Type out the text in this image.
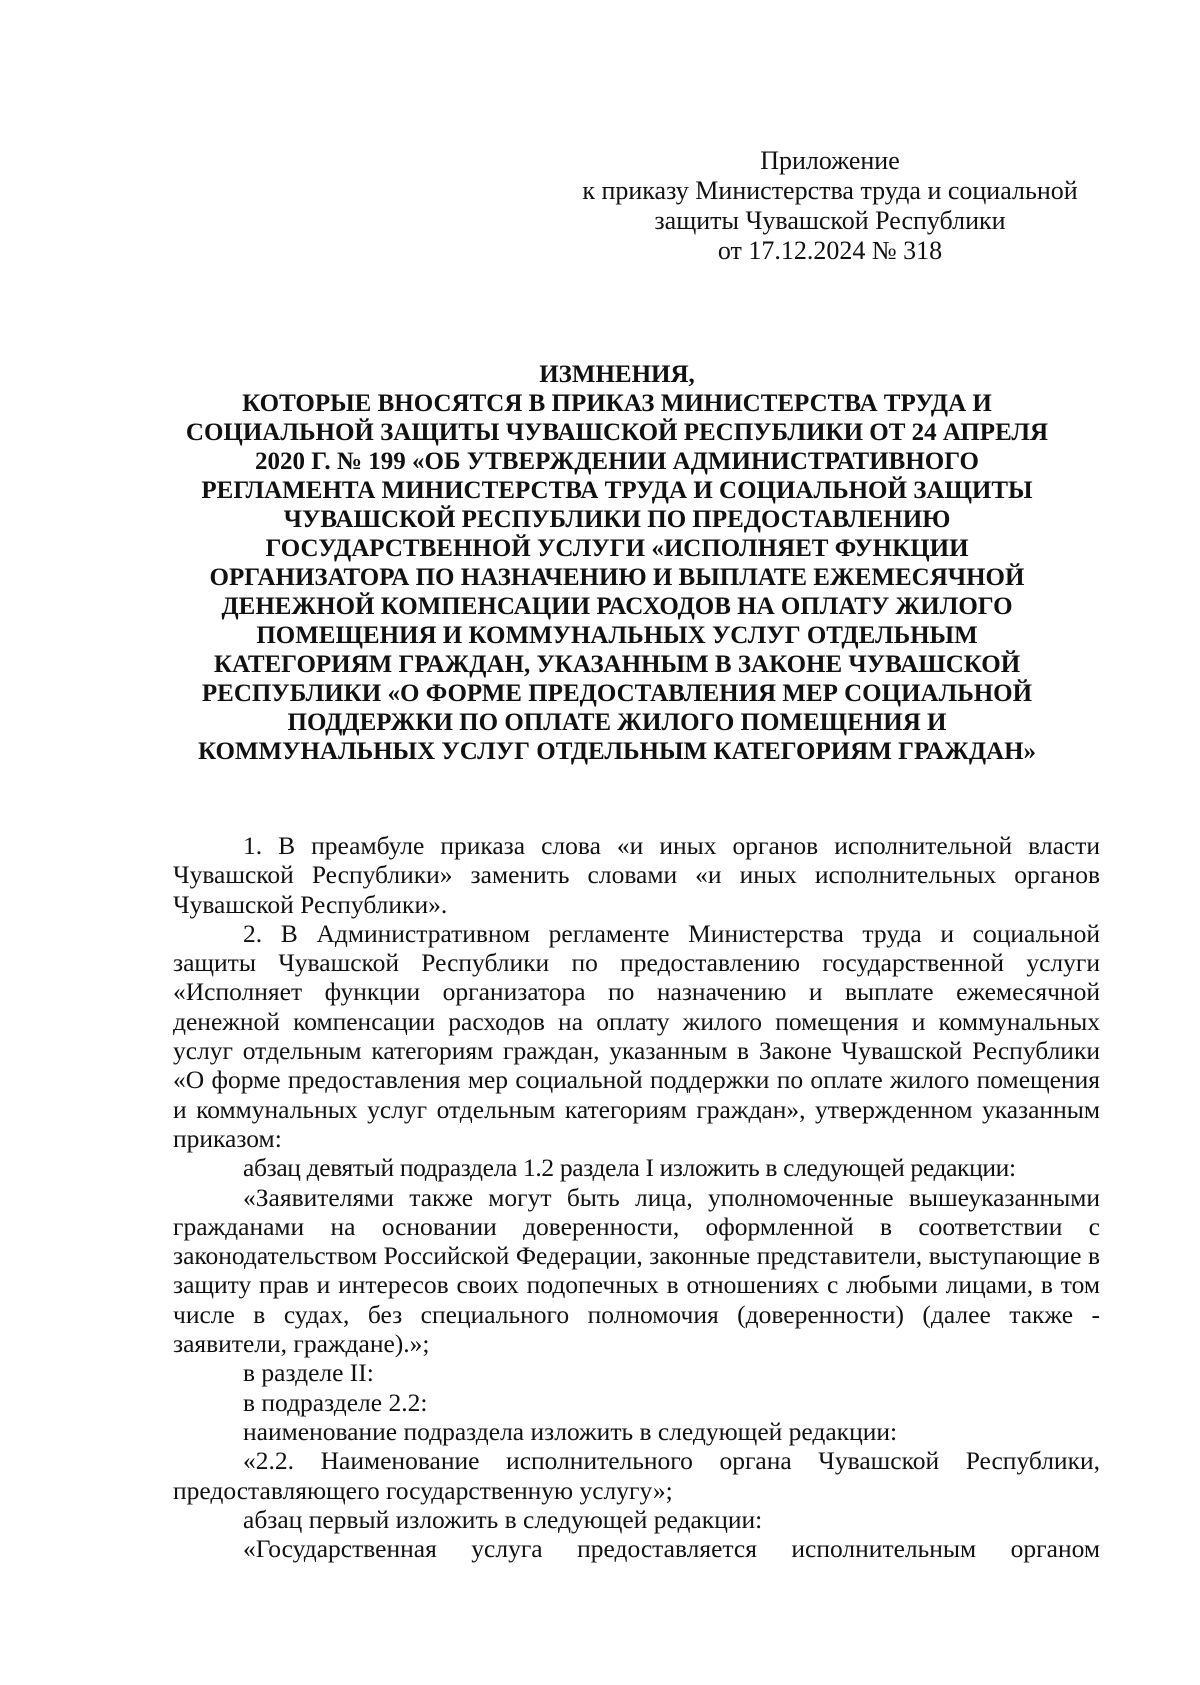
Приложение
к приказу Министерства труда и социальной
защиты Чувашской Республики
от 17.12.2024 № 318
ИЗМНЕНИЯ,
КОТОРЫЕ ВНОСЯТСЯ В ПРИКАЗ МИНИСТЕРСТВА ТРУДА И
СОЦИАЛЬНОЙ ЗАЩИТЫ ЧУВАШСКОЙ РЕСПУБЛИКИ ОТ 24 АПРЕЛЯ
2020 Г. № 199 «ОБ УТВЕРЖДЕНИИ АДМИНИСТРАТИВНОГО
РЕГЛАМЕНТА МИНИСТЕРСТВА ТРУДА И СОЦИАЛЬНОЙ ЗАЩИТЫ
ЧУВАШСКОЙ РЕСПУБЛИКИ ПО ПРЕДОСТАВЛЕНИЮ
ГОСУДАРСТВЕННОЙ УСЛУГИ «ИСПОЛНЯЕТ ФУНКЦИИ
ОРГАНИЗАТОРА ПО НАЗНАЧЕНИЮ И ВЫПЛАТЕ ЕЖЕМЕСЯЧНОЙ
ДЕНЕЖНОЙ КОМПЕНСАЦИИ РАСХОДОВ НА ОПЛАТУ ЖИЛОГО
ПОМЕЩЕНИЯ И КОММУНАЛЬНЫХ УСЛУГ ОТДЕЛЬНЫМ
КАТЕГОРИЯМ ГРАЖДАН, УКАЗАННЫМ В ЗАКОНЕ ЧУВАШСКОЙ
РЕСПУБЛИКИ «О ФОРМЕ ПРЕДОСТАВЛЕНИЯ МЕР СОЦИАЛЬНОЙ
ПОДДЕРЖКИ ПО ОПЛАТЕ ЖИЛОГО ПОМЕЩЕНИЯ И
КОММУНАЛЬНЫХ УСЛУГ ОТДЕЛЬНЫМ КАТЕГОРИЯМ ГРАЖДАН»

1. В преамбуле приказа слова «и иных органов исполнительной власти Чувашской Республики» заменить словами «и иных исполнительных органов Чувашской Республики».

2. В Административном регламенте Министерства труда и социальной защиты Чувашской Республики по предоставлению государственной услуги «Исполняет функции организатора по назначению и выплате ежемесячной денежной компенсации расходов на оплату жилого помещения и коммунальных услуг отдельным категориям граждан, указанным в Законе Чувашской Республики «О форме предоставления мер социальной поддержки по оплате жилого помещения и коммунальных услуг отдельным категориям граждан», утвержденном указанным приказом:

абзац девятый подраздела 1.2 раздела I изложить в следующей редакции:

«Заявителями также могут быть лица, уполномоченные вышеуказанными гражданами на основании доверенности, оформленной в соответствии с законодательством Российской Федерации, законные представители, выступающие в защиту прав и интересов своих подопечных в отношениях с любыми лицами, в том числе в судах, без специального полномочия (доверенности) (далее также - заявители, граждане).»;

в разделе II:

в подразделе 2.2:

наименование подраздела изложить в следующей редакции:

«2.2. Наименование исполнительного органа Чувашской Республики, предоставляющего государственную услугу»;

абзац первый изложить в следующей редакции:

«Государственная услуга предоставляется исполнительным органом
